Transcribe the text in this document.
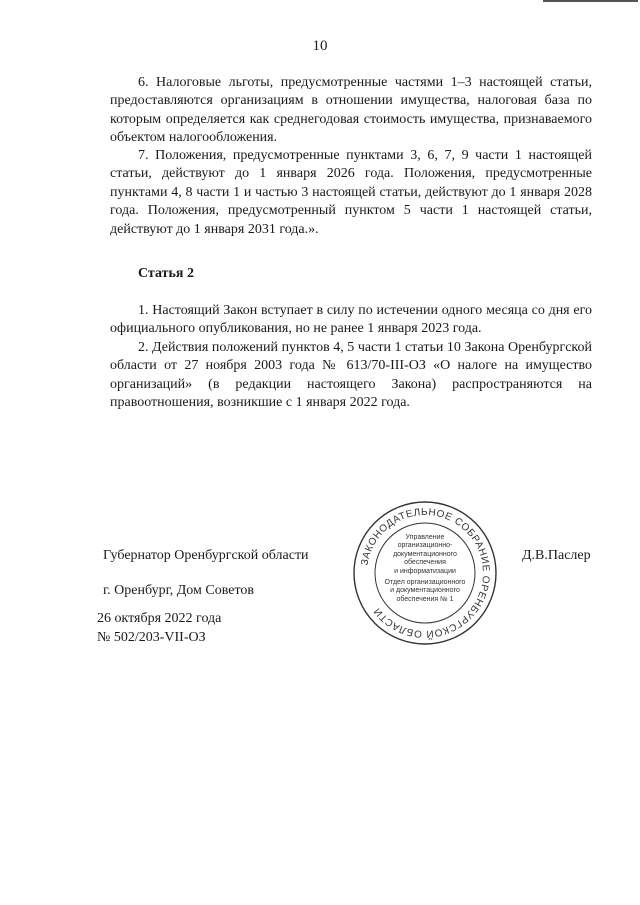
10

6. Налоговые льготы, предусмотренные частями 1–3 настоящей статьи, предоставляются организациям в отношении имущества, налоговая база по которым определяется как среднегодовая стоимость имущества, признаваемого объектом налогообложения.

7. Положения, предусмотренные пунктами 3, 6, 7, 9 части 1 настоящей статьи, действуют до 1 января 2026 года. Положения, предусмотренные пунктами 4, 8 части 1 и частью 3 настоящей статьи, действуют до 1 января 2028 года. Положения, предусмотренный пунктом 5 части 1 настоящей статьи, действуют до 1 января 2031 года.».

Статья 2

1. Настоящий Закон вступает в силу по истечении одного месяца со дня его официального опубликования, но не ранее 1 января 2023 года.

2. Действия положений пунктов 4, 5 части 1 статьи 10 Закона Оренбургской области от 27 ноября 2003 года № 613/70-III-ОЗ «О налоге на имущество организаций» (в редакции настоящего Закона) распространяются на правоотношения, возникшие с 1 января 2022 года.

Губернатор Оренбургской области	Д.В.Паслер
г. Оренбург, Дом Советов
26 октября 2022 года
№ 502/203-VII-ОЗ
ЗАКОНОДАТЕЛЬНОЕ СОБРАНИЕ ОРЕНБУРГСКОЙ ОБЛАСТИ
Управление
организационно-
документационного
обеспечения
и информатизации
Отдел организационного
и документационного
обеспечения № 1
